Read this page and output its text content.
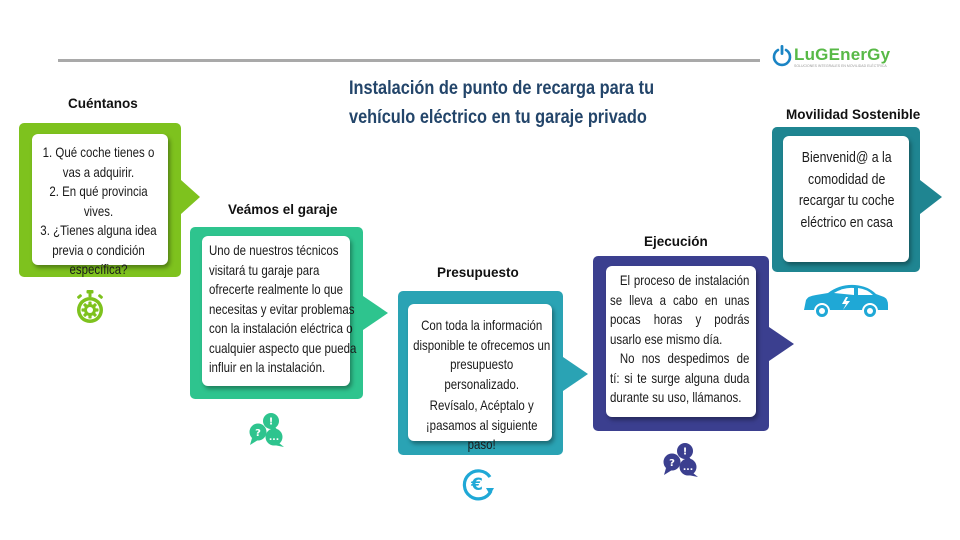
LuGEnerGy
SOLUCIONES INTEGRALES EN MOVILIDAD ELÉCTRICA
Instalación de punto de recarga para tu
vehículo eléctrico en tu garaje privado
Cuéntanos
1. Qué coche tienes o
vas a adquirir.
2. En qué provincia vives.
3. ¿Tienes alguna idea
previa o condición
específica?
Veámos el garaje
Uno de nuestros técnicos visitará tu garaje para ofrecerte realmente lo que necesitas y evitar problemas con la instalación eléctrica o cualquier aspecto que pueda influir en la instalación.
!
? ...
Presupuesto
Con toda la información disponible te ofrecemos un presupuesto personalizado.
Revísalo, Acéptalo y ¡pasamos al siguiente paso!
€
Ejecución
El proceso de instalación se lleva a cabo en unas pocas horas y podrás usarlo ese mismo día.
No nos despedimos de tí: si te surge alguna duda durante su uso, llámanos.
!
? ...
Movilidad Sostenible
Bienvenid@ a la comodidad de recargar tu coche eléctrico en casa
